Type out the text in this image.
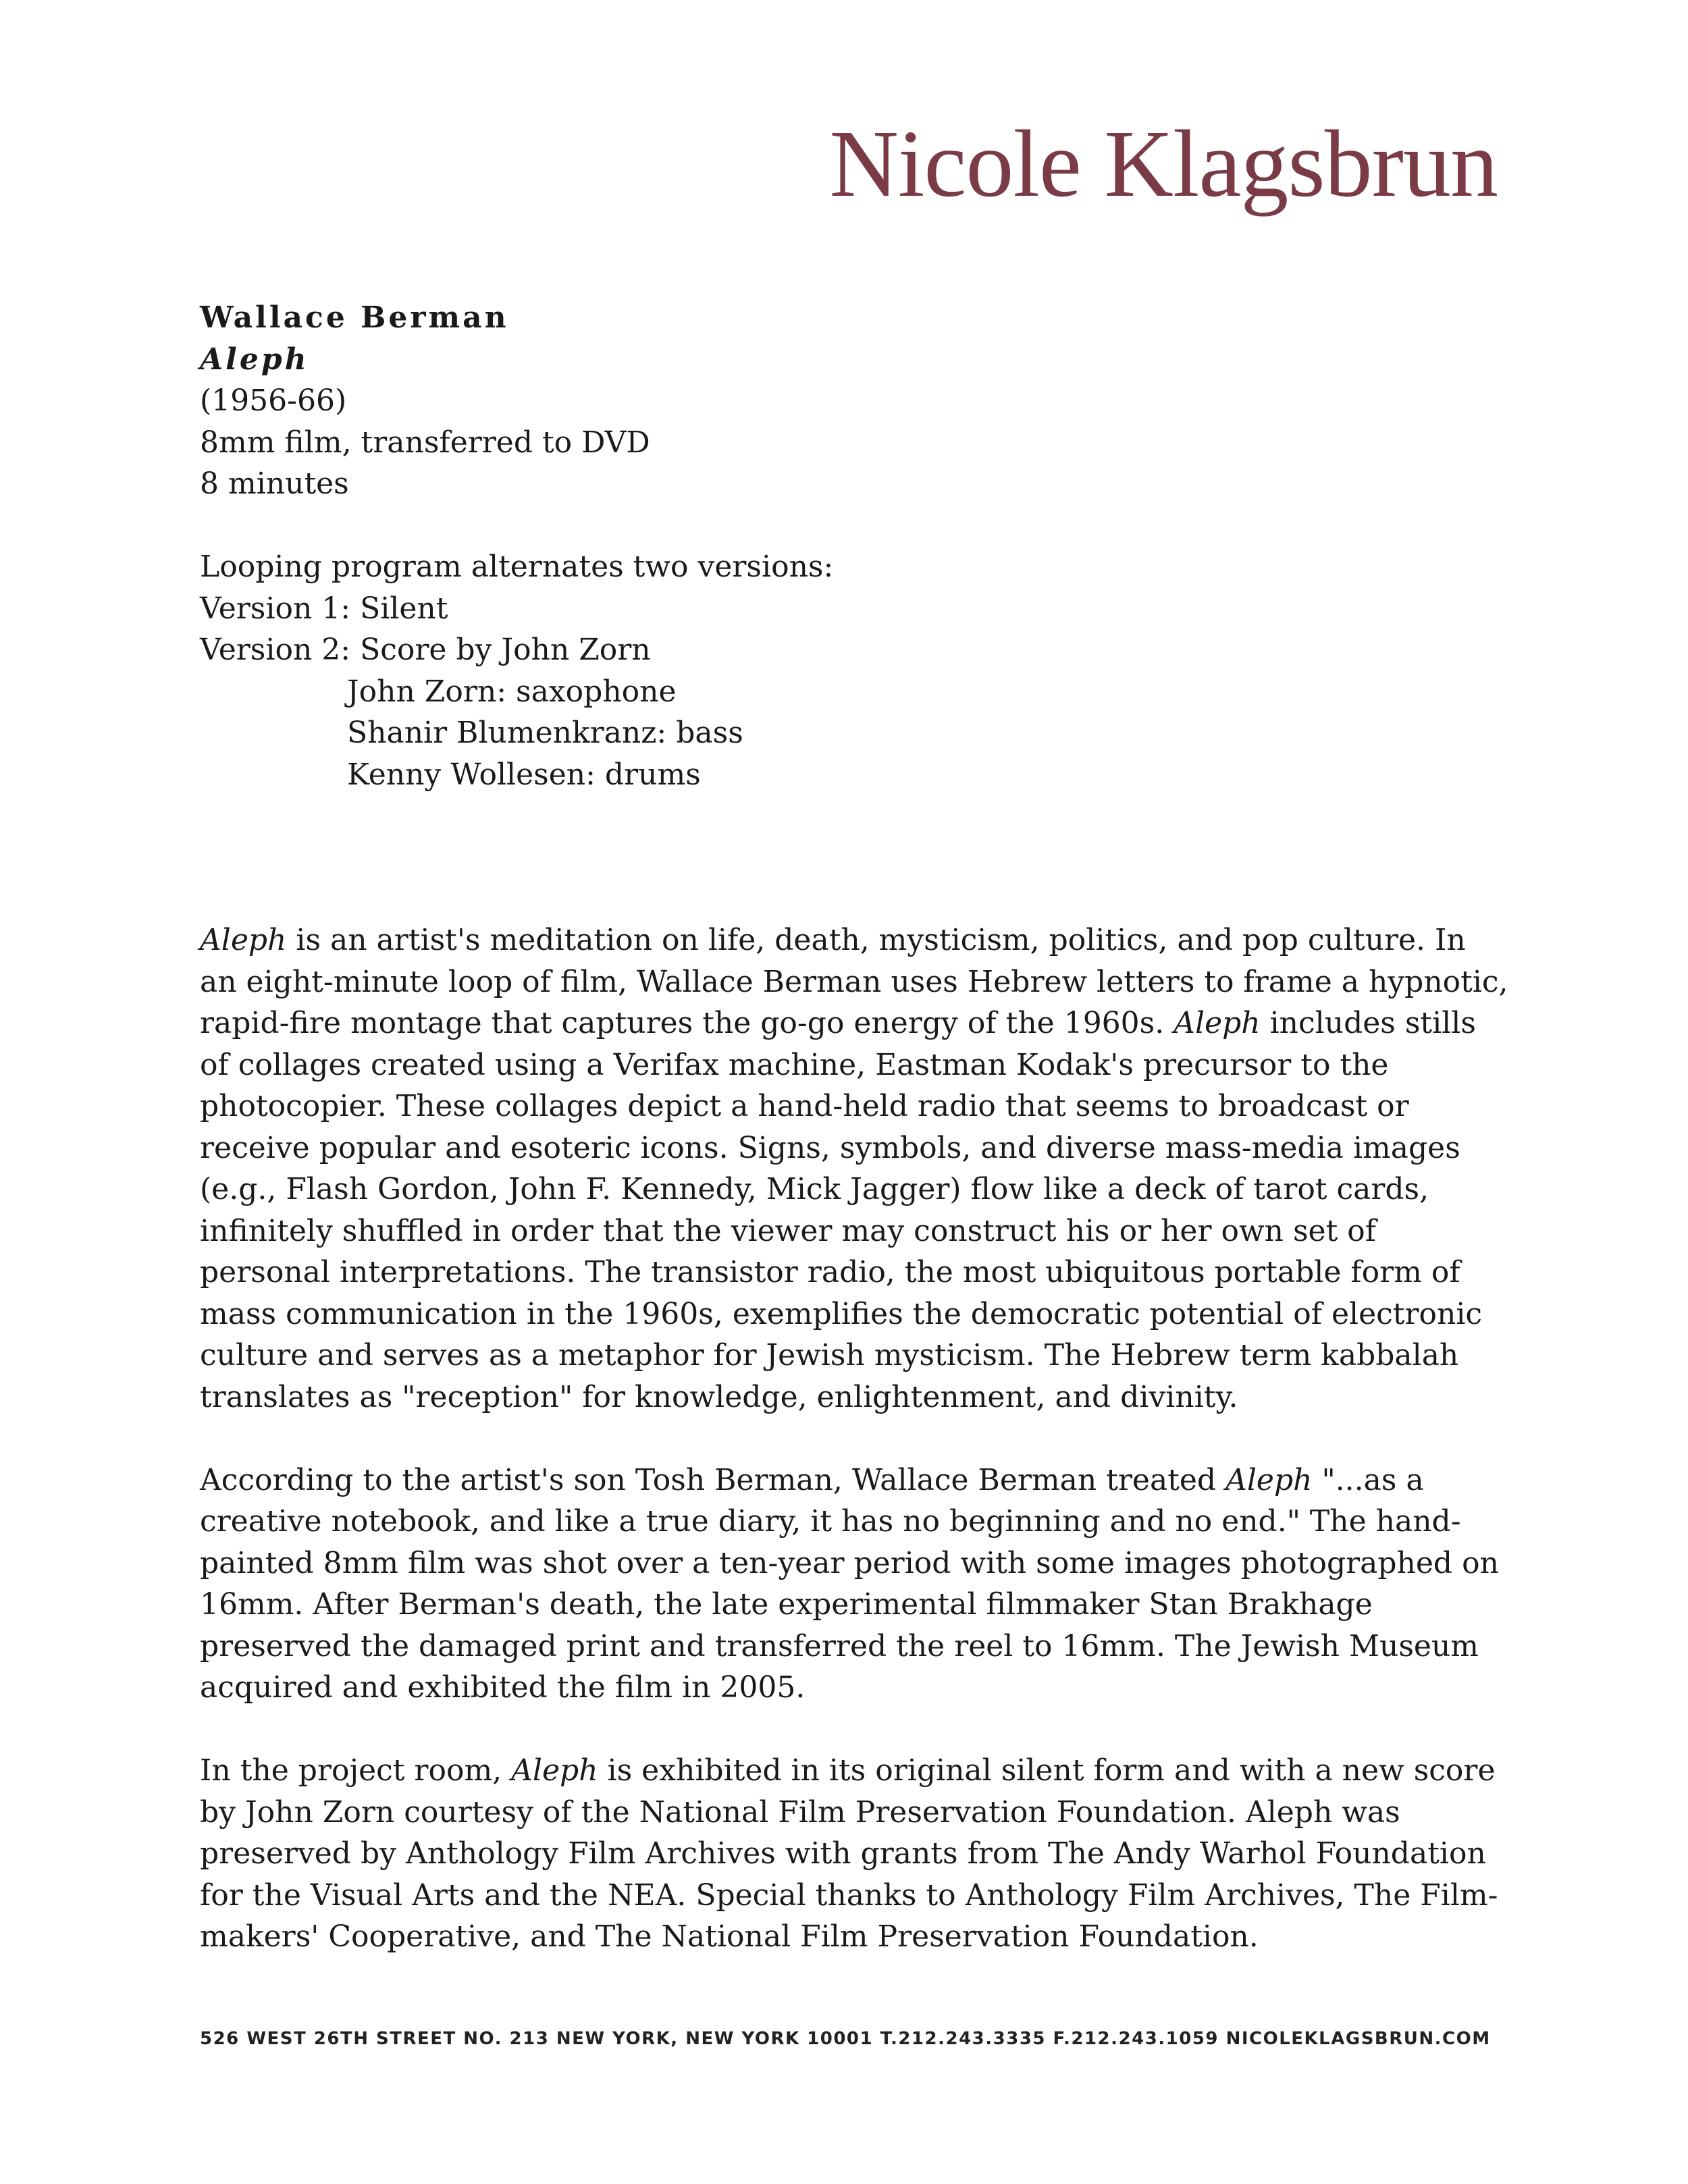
Nicole Klagsbrun
Wallace Berman
Aleph
(1956-66)
8mm film, transferred to DVD
8 minutes
Looping program alternates two versions:
Version 1: Silent
Version 2: Score by John Zorn
John Zorn: saxophone
Shanir Blumenkranz: bass
Kenny Wollesen: drums
Aleph is an artist's meditation on life, death, mysticism, politics, and pop culture. In an eight-minute loop of film, Wallace Berman uses Hebrew letters to frame a hypnotic, rapid-fire montage that captures the go-go energy of the 1960s. Aleph includes stills of collages created using a Verifax machine, Eastman Kodak's precursor to the photocopier. These collages depict a hand-held radio that seems to broadcast or receive popular and esoteric icons. Signs, symbols, and diverse mass-media images (e.g., Flash Gordon, John F. Kennedy, Mick Jagger) flow like a deck of tarot cards, infinitely shuffled in order that the viewer may construct his or her own set of personal interpretations. The transistor radio, the most ubiquitous portable form of mass communication in the 1960s, exemplifies the democratic potential of electronic culture and serves as a metaphor for Jewish mysticism. The Hebrew term kabbalah translates as "reception" for knowledge, enlightenment, and divinity.
According to the artist's son Tosh Berman, Wallace Berman treated Aleph "...as a creative notebook, and like a true diary, it has no beginning and no end." The hand-painted 8mm film was shot over a ten-year period with some images photographed on 16mm. After Berman's death, the late experimental filmmaker Stan Brakhage preserved the damaged print and transferred the reel to 16mm. The Jewish Museum acquired and exhibited the film in 2005.
In the project room, Aleph is exhibited in its original silent form and with a new score by John Zorn courtesy of the National Film Preservation Foundation. Aleph was preserved by Anthology Film Archives with grants from The Andy Warhol Foundation for the Visual Arts and the NEA. Special thanks to Anthology Film Archives, The Film-makers' Cooperative, and The National Film Preservation Foundation.
526 WEST 26TH STREET NO. 213 NEW YORK, NEW YORK 10001 T.212.243.3335 F.212.243.1059 NICOLEKLAGSBRUN.COM
